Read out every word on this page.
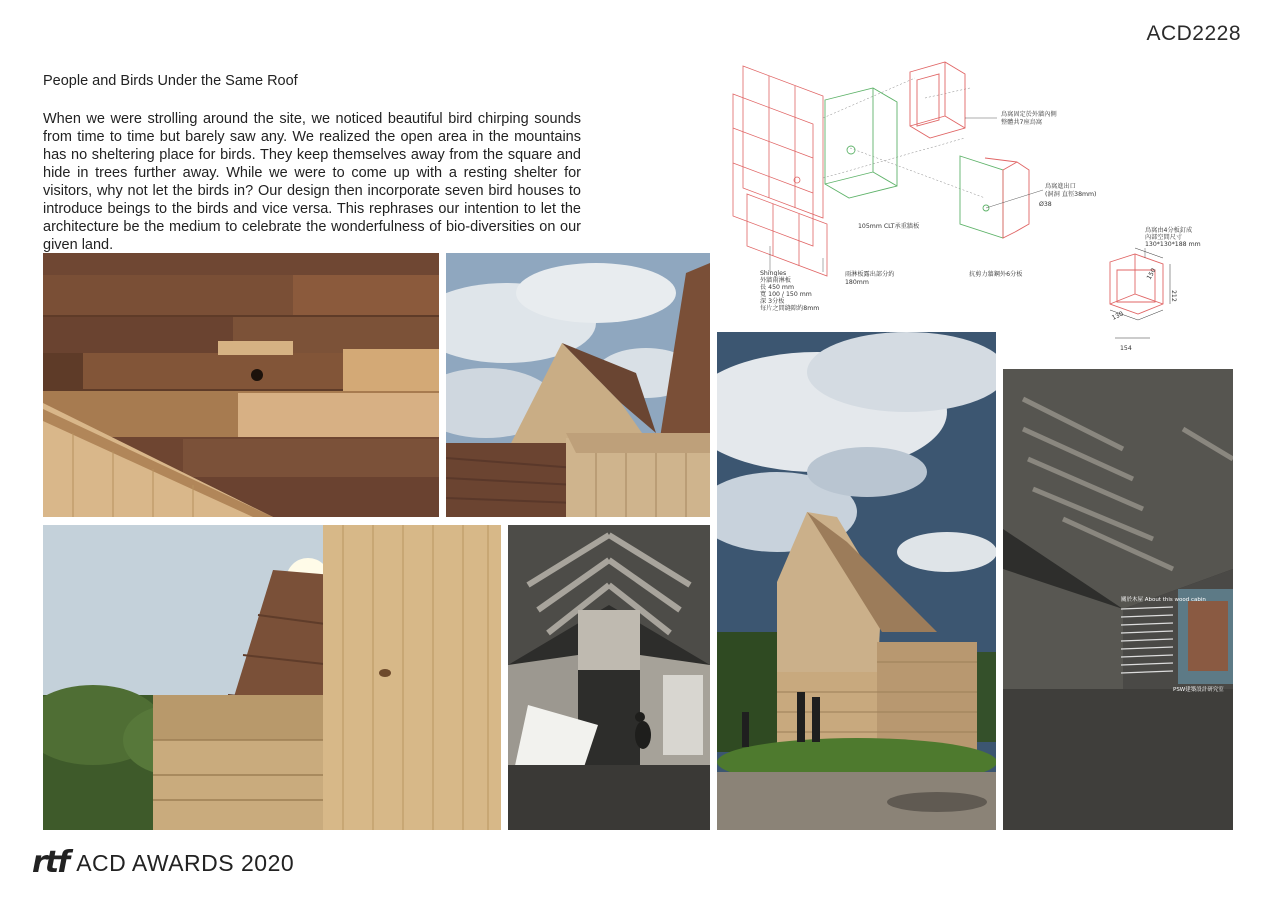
ACD2228
People and Birds Under the Same Roof
When we were strolling around the site, we noticed beautiful bird chirping sounds from time to time but barely saw any. We realized the open area in the mountains has no sheltering place for birds. They keep themselves away from the square and hide in trees further away. While we were to come up with a resting shelter for visitors, why not let the birds in? Our design then incorporate seven bird houses to introduce beings to the birds and vice versa. This rephrases our intention to let the architecture be the medium to celebrate the wonderfulness of bio-diversities on our given land.
鳥窩固定於外牆內側
整體共7座鳥窩
105mm CLT承重牆板
鳥窩進出口
(洞洞 直徑38mm)
Ø38
鳥窩由4分板釘成
內部空間尺寸
130*130*188 mm
Shingles
外牆雨淋板
長 450 mm
寬 100 / 150 mm
深 3分板
每片之間縫隙約8mm
雨淋板露出部分約
180mm
抗剪力牆鋼外6分板	150
212
130
154
關於木屋 About this wood cabin
PSW建築設計研究室
rtf ACD AWARDS 2020
